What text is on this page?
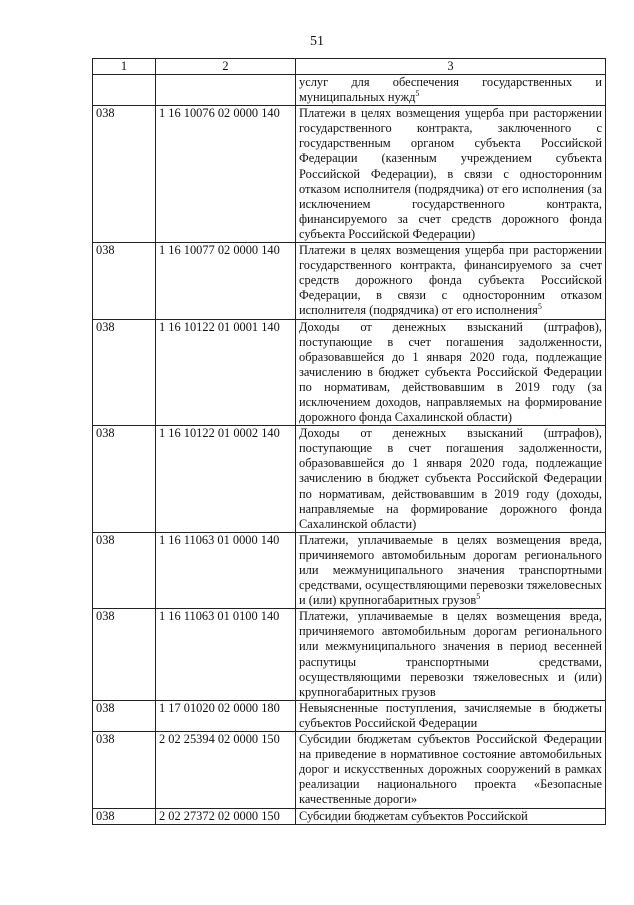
51
1	2	3
		услуг для обеспечения государственных и муниципальных нужд$^5$
038	1 16 10076 02 0000 140	Платежи в целях возмещения ущерба при расторжении государственного контракта, заключенного с государственным органом субъекта Российской Федерации (казенным учреждением субъекта Российской Федерации), в связи с односторонним отказом исполнителя (подрядчика) от его исполнения (за исключением государственного контракта, финансируемого за счет средств дорожного фонда субъекта Российской Федерации)
038	1 16 10077 02 0000 140	Платежи в целях возмещения ущерба при расторжении государственного контракта, финансируемого за счет средств дорожного фонда субъекта Российской Федерации, в связи с односторонним отказом исполнителя (подрядчика) от его исполнения$^5$
038	1 16 10122 01 0001 140	Доходы от денежных взысканий (штрафов), поступающие в счет погашения задолженности, образовавшейся до 1 января 2020 года, подлежащие зачислению в бюджет субъекта Российской Федерации по нормативам, действовавшим в 2019 году (за исключением доходов, направляемых на формирование дорожного фонда Сахалинской области)
038	1 16 10122 01 0002 140	Доходы от денежных взысканий (штрафов), поступающие в счет погашения задолженности, образовавшейся до 1 января 2020 года, подлежащие зачислению в бюджет субъекта Российской Федерации по нормативам, действовавшим в 2019 году (доходы, направляемые на формирование дорожного фонда Сахалинской области)
038	1 16 11063 01 0000 140	Платежи, уплачиваемые в целях возмещения вреда, причиняемого автомобильным дорогам регионального или межмуниципального значения транспортными средствами, осуществляющими перевозки тяжеловесных и (или) крупногабаритных грузов$^5$
038	1 16 11063 01 0100 140	Платежи, уплачиваемые в целях возмещения вреда, причиняемого автомобильным дорогам регионального или межмуниципального значения в период весенней распутицы транспортными средствами, осуществляющими перевозки тяжеловесных и (или) крупногабаритных грузов
038	1 17 01020 02 0000 180	Невыясненные поступления, зачисляемые в бюджеты субъектов Российской Федерации
038	2 02 25394 02 0000 150	Субсидии бюджетам субъектов Российской Федерации на приведение в нормативное состояние автомобильных дорог и искусственных дорожных сооружений в рамках реализации национального проекта «Безопасные качественные дороги»
038	2 02 27372 02 0000 150	Субсидии бюджетам субъектов Российской
